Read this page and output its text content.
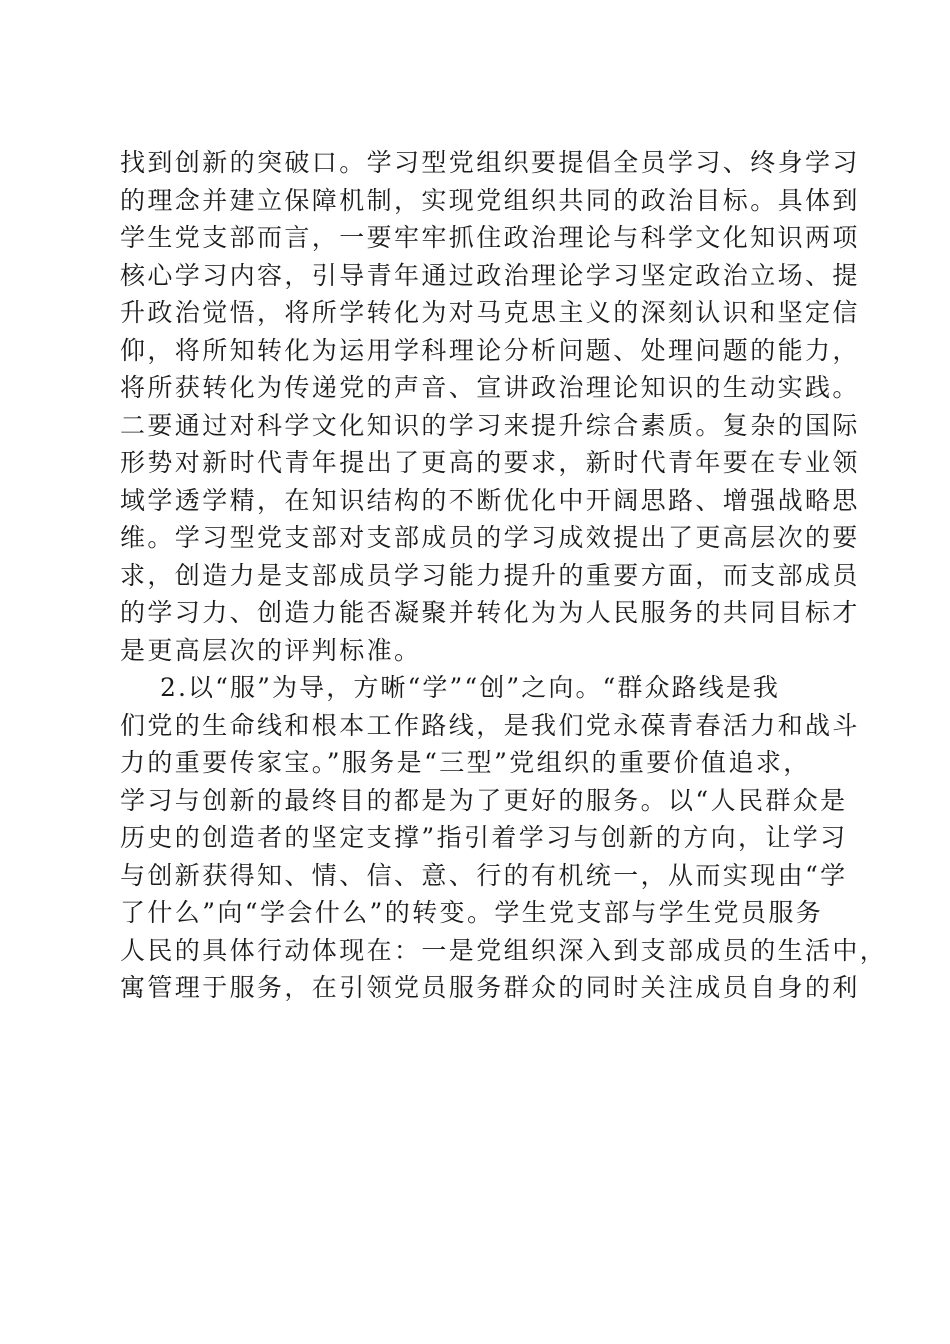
找到创新的突破口。学习型党组织要提倡全员学习、终身学习
的理念并建立保障机制，实现党组织共同的政治目标。具体到
学生党支部而言，一要牢牢抓住政治理论与科学文化知识两项
核心学习内容，引导青年通过政治理论学习坚定政治立场、提
升政治觉悟，将所学转化为对马克思主义的深刻认识和坚定信
仰，将所知转化为运用学科理论分析问题、处理问题的能力，
将所获转化为传递党的声音、宣讲政治理论知识的生动实践。
二要通过对科学文化知识的学习来提升综合素质。复杂的国际
形势对新时代青年提出了更高的要求，新时代青年要在专业领
域学透学精，在知识结构的不断优化中开阔思路、增强战略思
维。学习型党支部对支部成员的学习成效提出了更高层次的要
求，创造力是支部成员学习能力提升的重要方面，而支部成员
的学习力、创造力能否凝聚并转化为为人民服务的共同目标才
是更高层次的评判标准。
2.以“服”为导，方晰“学”“创”之向。“群众路线是我
们党的生命线和根本工作路线，是我们党永葆青春活力和战斗
力的重要传家宝。”服务是“三型”党组织的重要价值追求，
学习与创新的最终目的都是为了更好的服务。以“人民群众是
历史的创造者的坚定支撑”指引着学习与创新的方向，让学习
与创新获得知、情、信、意、行的有机统一，从而实现由“学
了什么”向“学会什么”的转变。学生党支部与学生党员服务
人民的具体行动体现在：一是党组织深入到支部成员的生活中，
寓管理于服务，在引领党员服务群众的同时关注成员自身的利
